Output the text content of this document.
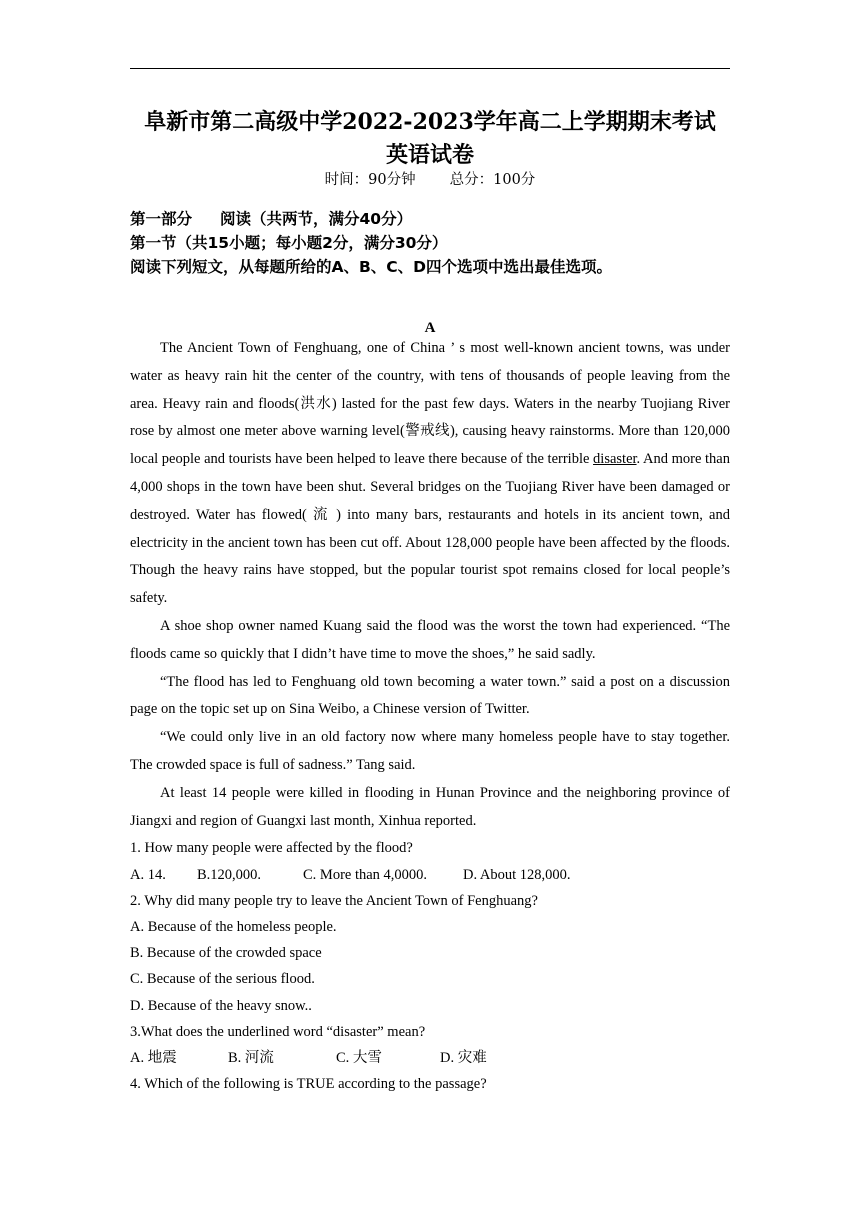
阜新市第二高级中学2022-2023学年高二上学期期末考试
英语试卷
时间：90分钟 总分：100分
第一部分 阅读（共两节，满分40分）
第一节（共15小题；每小题2分，满分30分）
阅读下列短文，从每题所给的A、B、C、D四个选项中选出最佳选项。
A

The Ancient Town of Fenghuang, one of China ’ s most well-known ancient towns, was under water as heavy rain hit the center of the country, with tens of thousands of people leaving from the area. Heavy rain and floods(洪水) lasted for the past few days. Waters in the nearby Tuojiang River rose by almost one meter above warning level(警戒线), causing heavy rainstorms. More than 120,000 local people and tourists have been helped to leave there because of the terrible disaster. And more than 4,000 shops in the town have been shut. Several bridges on the Tuojiang River have been damaged or destroyed. Water has flowed( 流 ) into many bars, restaurants and hotels in its ancient town, and electricity in the ancient town has been cut off. About 128,000 people have been affected by the floods. Though the heavy rains have stopped, but the popular tourist spot remains closed for local people’s safety.

A shoe shop owner named Kuang said the flood was the worst the town had experienced. “The floods came so quickly that I didn’t have time to move the shoes,” he said sadly.

“The flood has led to Fenghuang old town becoming a water town.” said a post on a discussion page on the topic set up on Sina Weibo, a Chinese version of Twitter.

“We could only live in an old factory now where many homeless people have to stay together. The crowded space is full of sadness.” Tang said.

At least 14 people were killed in flooding in Hunan Province and the neighboring province of Jiangxi and region of Guangxi last month, Xinhua reported.

1. How many people were affected by the flood?

A. 14. B.120,000.	C. More than 4,0000. D. About 128,000.

2. Why did many people try to leave the Ancient Town of Fenghuang?

A. Because of the homeless people.

B. Because of the crowded space

C. Because of the serious flood.

D. Because of the heavy snow..

3.What does the underlined word “disaster” mean?

A. 地震	B. 河流	C. 大雪	D. 灾难

4. Which of the following is TRUE according to the passage?
